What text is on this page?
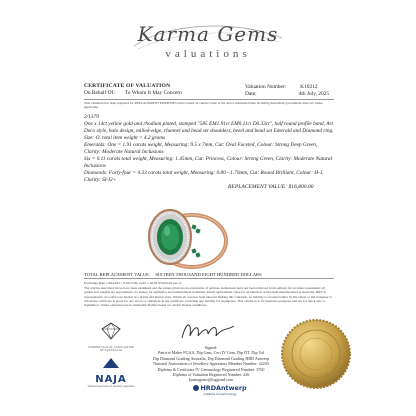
Karma Gems
valuations
CERTIFICATE OF VALUATION
On Behalf Of: To Whom It May Concern
Valuation Number:	K10212
Date:	4th July, 2025
This valuation has been prepared for REPLACEMENT PURPOSES and is based on current value at the above mentioned date including Australian government sales tax where applicable.

2/1379

One x 14ct yellow gold and rhodium plated, stamped "585 EM1.91ct EM0.11ct D0.33ct", half round profile band, Art Deco style, halo design, milled-edge, channel and bead set shoulders, bezel and bead set Emerald and Diamond ring. Size: O, total item weight = 4.2 grams

Emeralds: One = 1.91 carats weight, Measuring: 9.5 x 7mm, Cut: Oval Faceted, Colour: Strong Deep Green, Clarity: Moderate Natural Inclusions

Six = 0.11 carats total weight, Measuring: 1.45mm, Cut: Princess, Colour: Strong Green, Clarity: Moderate Natural Inclusions

Diamonds: Forty-four = 0.33 carats total weight, Measuring: 0.80 - 1.70mm, Cut: Round Brilliant, Colour: H-J, Clarity: SI-I2+

REPLACEMENT VALUE: $16,800.00
TOTAL REPLACEMENT VALUE: SIXTEEN THOUSAND EIGHT HUNDRED DOLLARS
Exchange Rate 1.00AUD = 0.66 USD, Gold = AUD $5,064.95 per oz
The articles described above have been examined and the values given are an expression of opinion. Gemstones have not been removed from settings for accurate assessment; all grades and weights are approximate, no testing for synthetics and enhancement treatment. Retail replacement value for an identical or like item manufactured in Australia. RRV is representative of Gold Coast market in a bricks and mortar store. Whilst all care has been taken in making this valuation, no liability is accepted either by the valuer or the company to whom the certificate is given for any errors or omissions in the certificate, including any liability for negligence. This valuation is for insurance purposes and not for quick sale or liquidation. Values expressed are in Australian Dollars based on current market conditions.
GEMMOLOGICAL ASSOCIATION OF AUSTRALIA
NAJA
National Association of Jewellery Appraisers
Signed:
Patricia Maher FGAA, Dip Gem, Cert IV Gem, Dip DT, Dip Val
Dip Diamond Grading Australia, Dip Diamond Grading HRD Antwerp
National Association of Jewellery Appraisers Member Number: 22203
Diploma & Certificate IV Gemmology Registered Number: 3760
Diploma of Valuation Registered Number: 426
karmagems@bigpond.com
HRDAntwerp
Institute of Gemmology
